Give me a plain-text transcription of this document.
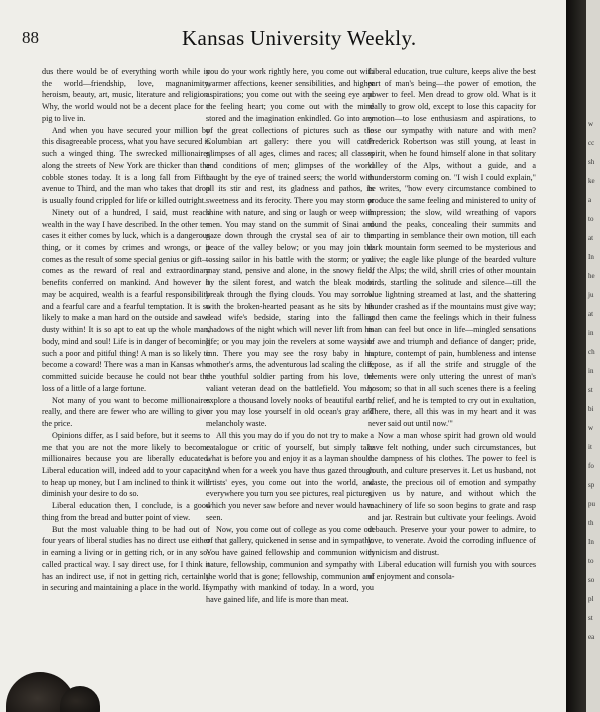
88	Kansas University Weekly.

dus there would be of everything worth while in the world—friendship, love, magnanimity, heroism, beauty, art, music, literature and religion. Why, the world would not be a decent place for a pig to live in.

And when you have secured your million by this disagreeable process, what you have secured is such a winged thing. The swrecked millionaires along the streets of New York are thicker than the cobble stones today. It is a long fall from Fifth avenue to Third, and the man who takes that drop is usually found crippled for life or killed outright.

Ninety out of a hundred, I said, must reach wealth in the way I have described. In the other ten cases it either comes by luck, which is a dangerous thing, or it comes by crimes and wrongs, or it comes as the result of some special genius or gift—comes as the reward of real and extraordinary benefits conferred on mankind. And however it may be acquired, wealth is a fearful responsibility and a fearful care and a fearful temptation. It is so likely to make a man hard on the outside and saw-dusty within! It is so apt to eat up the whole man, body, mind and soul! Life is in danger of becoming such a poor and pitiful thing! A man is so likely to become a coward! There was a man in Kansas who committed suicide because he could not bear the loss of a little of a large fortune.

Not many of you want to become millionaires really, and there are fewer who are willing to give the price.

Opinions differ, as I said before, but it seems to me that you are not the more likely to become millionaires because you are liberally educated. Liberal education will, indeed add to your capacity to heap up money, but I am inclined to think it will diminish your desire to do so.

Liberal education then, I conclude, is a good thing from the bread and butter point of view.

But the most valuable thing to be had out of four years of liberal studies has no direct use either in earning a living or in getting rich, or in any so-called practical way. I say direct use, for I think it has an indirect use, if not in getting rich, certainly in securing and maintaining a place in the world. If

you do your work rightly here, you come out with warmer affections, keener sensibilities, and higher aspirations; you come out with the seeing eye and the feeling heart; you come out with the mind stored and the imagination enkindled. Go into any of the great collections of pictures such as the Columbian art gallery: there you will catch glimpses of all ages, climes and races; all classes and conditions of men; glimpses of the world caught by the eye of trained seers; the world with all its stir and rest, its gladness and pathos, its sweetness and its ferocity. There you may storm or shine with nature, and sing or laugh or weep with men. You may stand on the summit of Sinai and gaze down through the crystal sea of air to the peace of the valley below; or you may join the tossing sailor in his battle with the storm; or you may stand, pensive and alone, in the snowy field, by the silent forest, and watch the bleak moon break through the flying clouds. You may sorrow with the broken-hearted peasant as he sits by his dead wife's bedside, staring into the falling shadows of the night which will never lift from his life; or you may join the revelers at some wayside inn. There you may see the rosy baby in his mother's arms, the adventurous lad scaling the cliff, the youthful soldier parting from his love, the valiant veteran dead on the battlefield. You may explore a thousand lovely nooks of beautiful earth, or you may lose yourself in old ocean's gray and melancholy waste.

All this you may do if you do not try to make a catalogue or critic of yourself, but simply take what is before you and enjoy it as a layman should. And when for a week you have thus gazed through artists' eyes, you come out into the world, and everywhere you turn you see pictures, real pictures, which you never saw before and never would have seen.

Now, you come out of college as you come out of that gallery, quickened in sense and in sympathy. You have gained fellowship and communion with nature, fellowship, communion and sympathy with the world that is gone; fellowship, communion and sympathy with mankind of today. In a word, you have gained life, and life is more than meat.

Liberal education, true culture, keeps alive the best part of man's being—the power of emotion, the power to feel. Men dread to grow old. What is it really to grow old, except to lose this capacity for emotion—to lose enthusiasm and aspirations, to lose our sympathy with nature and with men? Frederick Robertson was still young, at least in spirit, when he found himself alone in that solitary valley of the Alps, without a guide, and a thunderstorm coming on. "I wish I could explain," he writes, "how every circumstance combined to produce the same feeling and ministered to unity of impression; the slow, wild wreathing of vapors round the peaks, concealing their summits and imparting in semblance their own motion, till each dark mountain form seemed to be mysterious and alive; the eagle like plunge of the bearded vulture of the Alps; the wild, shrill cries of other mountain birds, startling the solitude and silence—till the blue lightning streamed at last, and the shattering thunder crashed as if the mountains must give way; and then came the feelings which in their fulness man can feel but once in life—mingled sensations of awe and triumph and defiance of danger; pride, rapture, contempt of pain, humbleness and intense repose, as if all the strife and struggle of the elements were only uttering the unrest of man's bosom; so that in all such scenes there is a feeling of relief, and he is tempted to cry out in exultation, 'There, there, all this was in my heart and it was never said out until now.'"

Now a man whose spirit had grown old would have felt nothing, under such circumstances, but the dampness of his clothes. The power to feel is youth, and culture preserves it. Let us husband, not waste, the precious oil of emotion and sympathy given us by nature, and without which the machinery of life so soon begins to grate and rasp and jar. Restrain but cultivate your feelings. Avoid debauch. Preserve your your power to admire, to love, to venerate. Avoid the corroding influence of cynicism and distrust.

Liberal education will furnish you with sources of enjoyment and consola-

w
cc
sh
ke
a
to
at
In
he
ju
at
in
ch
in
st
bi
w
it
fo
sp
pu
th
In
to
so
pl
st
ea
